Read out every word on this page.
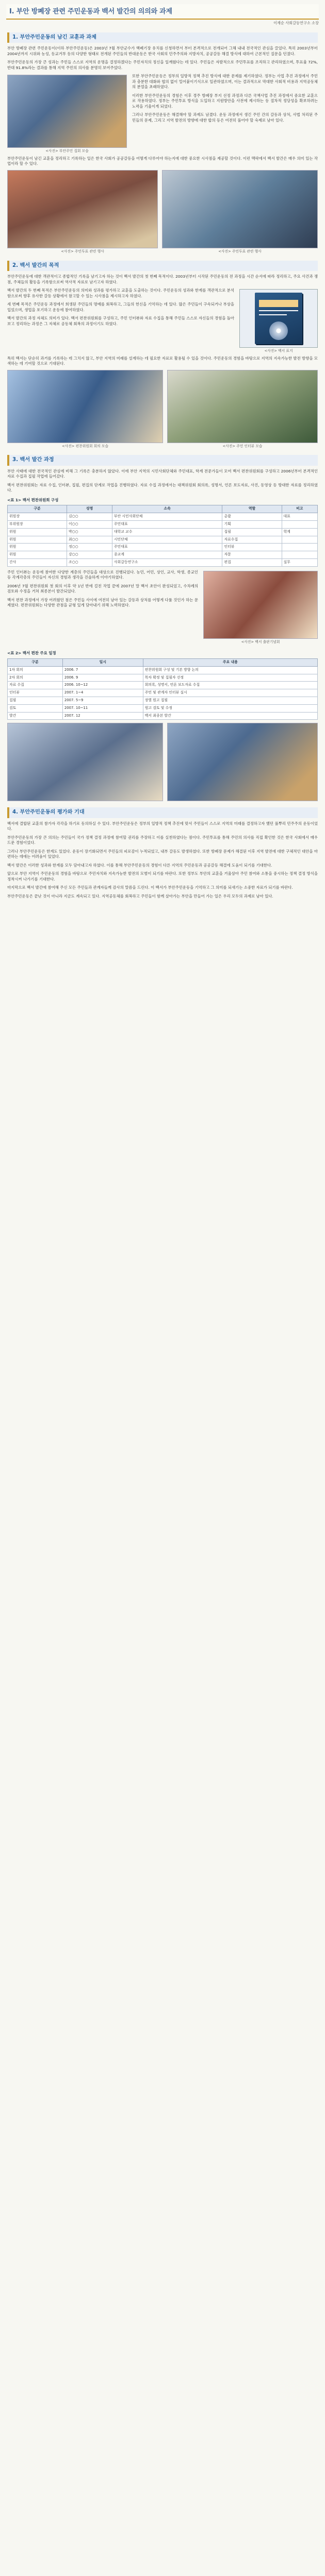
Ⅰ. 부안 방폐장 관련 주민운동과 백서 발간의 의의와 과제
이재순 사회갈등연구소 소장
1. 부안주민운동의 남긴 교훈과 과제

부안 방폐장 관련 주민운동이(이하 부안주민운동)은 2003년 7월 부안군수가 핵폐기장 유치를 신청하면서 부터 본격적으로 전개되어 그해 내내 전국적인 관심을 끌었다. 특히 2003년부터 2004년까지 시위와 농성, 등교거부 등의 다양한 형태로 전개된 주민들의 반대운동은 한국 사회의 민주주의와 지방자치, 공공갈등 해결 방식에 대하여 근본적인 질문을 던졌다.

부안주민운동의 가장 큰 성과는 주민들 스스로 지역의 운명을 결정하겠다는 주민자치의 정신을 일깨웠다는 데 있다. 주민들은 자발적으로 주민투표를 조직하고 관리하였으며, 투표율 72%, 반대 91.8%라는 결과를 통해 지역 주민의 의사를 분명히 보여주었다.

<사진> 부안주민 집회 모습

또한 부안주민운동은 정부의 일방적 정책 추진 방식에 대한 문제를 제기하였다. 정부는 사업 추진 과정에서 주민과 충분한 대화와 협의 없이 밀어붙이기식으로 일관하였으며, 이는 결과적으로 막대한 사회적 비용과 지역공동체의 분열을 초래하였다.

이러한 부안주민운동의 경험은 이후 경주 방폐장 부지 선정 과정과 다른 국책사업 추진 과정에서 중요한 교훈으로 작용하였다. 정부는 주민투표 방식을 도입하고 지원방안을 사전에 제시하는 등 절차적 정당성을 확보하려는 노력을 기울이게 되었다.

그러나 부안주민운동은 해결해야 할 과제도 남겼다. 운동 과정에서 생긴 주민 간의 갈등과 상처, 사법 처리된 주민들의 문제, 그리고 지역 발전의 방향에 대한 합의 등은 여전히 풀어야 할 숙제로 남아 있다.

부안주민운동이 남긴 교훈을 정리하고 기록하는 일은 한국 사회가 공공갈등을 어떻게 다루어야 하는지에 대한 중요한 시사점을 제공할 것이다. 이런 맥락에서 백서 발간은 매우 의미 있는 작업이라 할 수 있다.

<사진> 주민투표 관련 행사	<사진> 주민투표 관련 행사
2. 백서 발간의 목적

부안주민운동에 대한 객관적이고 종합적인 기록을 남기고자 하는 것이 백서 발간의 첫 번째 목적이다. 2003년부터 시작된 주민운동의 전 과정을 시간 순서에 따라 정리하고, 주요 사건과 쟁점, 주체들의 활동을 기록함으로써 역사적 자료로 남기고자 하였다.

<사진> 백서 표지

백서 발간의 두 번째 목적은 부안주민운동의 의미와 성과를 평가하고 교훈을 도출하는 것이다. 주민운동의 성과와 한계를 객관적으로 분석함으로써 향후 유사한 갈등 상황에서 참고할 수 있는 시사점을 제시하고자 하였다.

세 번째 목적은 주민운동 과정에서 희생된 주민들의 명예를 회복하고, 그들의 헌신을 기억하는 데 있다. 많은 주민들이 구속되거나 부상을 입었으며, 생업을 포기하고 운동에 참여하였다.

백서 발간의 과정 자체도 의미가 있다. 백서 편찬위원회를 구성하고, 주민 인터뷰와 자료 수집을 통해 주민들 스스로 자신들의 경험을 돌아보고 정리하는 과정은 그 자체로 공동체 회복의 과정이기도 하였다.

특히 백서는 단순히 과거를 기록하는 데 그치지 않고, 부안 지역의 미래를 설계하는 데 필요한 자료로 활용될 수 있을 것이다. 주민운동의 경험을 바탕으로 지역의 지속가능한 발전 방향을 모색하는 데 기여할 것으로 기대된다.

<사진> 편찬위원회 회의 모습	<사진> 주민 인터뷰 모습
3. 백서 발간 과정

부안 사태에 대한 전국적인 관심에 비해 그 기록은 충분하지 않았다. 이에 부안 지역의 시민사회단체와 주민대표, 학계 전문가들이 모여 백서 편찬위원회를 구성하고 2006년부터 본격적인 자료 수집과 집필 작업에 들어갔다.

백서 편찬위원회는 자료 수집, 인터뷰, 집필, 편집의 단계로 작업을 진행하였다. 자료 수집 과정에서는 대책위원회 회의록, 성명서, 언론 보도자료, 사진, 동영상 등 방대한 자료를 정리하였다.

<표 1> 백서 편찬위원회 구성
구분	성명	소속	역할	비고
위원장	김○○	부안 시민사회단체	총괄	대표
부위원장	이○○	주민대표	기획	
위원	박○○	대학교 교수	집필	학계
위원	최○○	시민단체	자료수집	
위원	정○○	주민대표	인터뷰	
위원	강○○	종교계	자문	
간사	조○○	사회갈등연구소	편집	실무
<사진> 백서 출판기념회

주민 인터뷰는 운동에 참여한 다양한 계층의 주민들을 대상으로 진행되었다. 농민, 어민, 상인, 교사, 학생, 종교인 등 각계각층의 주민들이 자신의 경험과 생각을 진솔하게 이야기하였다.

2006년 7월 편찬위원회 첫 회의 이후 약 1년 반에 걸친 작업 끝에 2007년 말 백서 초안이 완성되었고, 수차례의 검토와 수정을 거쳐 최종본이 발간되었다.

백서 편찬 과정에서 가장 어려웠던 점은 주민들 사이에 여전히 남아 있는 갈등과 상처를 어떻게 다룰 것인가 하는 문제였다. 편찬위원회는 다양한 관점을 균형 있게 담아내기 위해 노력하였다.

<표 2> 백서 편찬 주요 일정
구분	일시	주요 내용
1차 회의	2006. 7	편찬위원회 구성 및 기본 방향 논의
2차 회의	2006. 9	목차 확정 및 집필자 선정
자료 수집	2006. 10~12	회의록, 성명서, 언론 보도자료 수집
인터뷰	2007. 1~4	주민 및 관계자 인터뷰 실시
집필	2007. 5~9	장별 원고 집필
검토	2007. 10~11	원고 검토 및 수정
발간	2007. 12	백서 최종본 발간
4. 부안주민운동의 평가와 기대

백서에 결합된 교훈의 참가자 각각을 하기로 동의하실 수 있다. 부안주민운동은 정부의 일방적 정책 추진에 맞서 주민들이 스스로 지역의 미래를 결정하고자 했던 풀뿌리 민주주의 운동이었다.

부안주민운동의 가장 큰 의의는 주민들이 국가 정책 결정 과정에 참여할 권리를 주장하고 이를 실천하였다는 점이다. 주민투표를 통해 주민의 의사를 직접 확인한 것은 한국 사회에서 매우 드문 경험이었다.

그러나 부안주민운동은 한계도 있었다. 운동이 장기화되면서 주민들의 피로감이 누적되었고, 내부 갈등도 발생하였다. 또한 방폐장 문제가 해결된 이후 지역 발전에 대한 구체적인 대안을 마련하는 데에는 어려움이 있었다.

백서 발간은 이러한 성과와 한계를 모두 담아내고자 하였다. 이를 통해 부안주민운동의 경험이 다른 지역의 주민운동과 공공갈등 해결에 도움이 되기를 기대한다.

앞으로 부안 지역이 주민운동의 경험을 바탕으로 주민자치와 지속가능한 발전의 모범이 되기를 바란다. 또한 정부도 부안의 교훈을 거울삼아 주민 참여와 소통을 중시하는 정책 결정 방식을 정착시켜 나가기를 기대한다.

마지막으로 백서 발간에 참여해 주신 모든 주민들과 관계자들께 감사의 말씀을 드린다. 이 백서가 부안주민운동을 기억하고 그 의미를 되새기는 소중한 자료가 되기를 바란다.

부안주민운동은 끝난 것이 아니라 지금도 계속되고 있다. 지역공동체를 회복하고 주민들이 함께 살아가는 부안을 만들어 가는 일은 우리 모두의 과제로 남아 있다.
